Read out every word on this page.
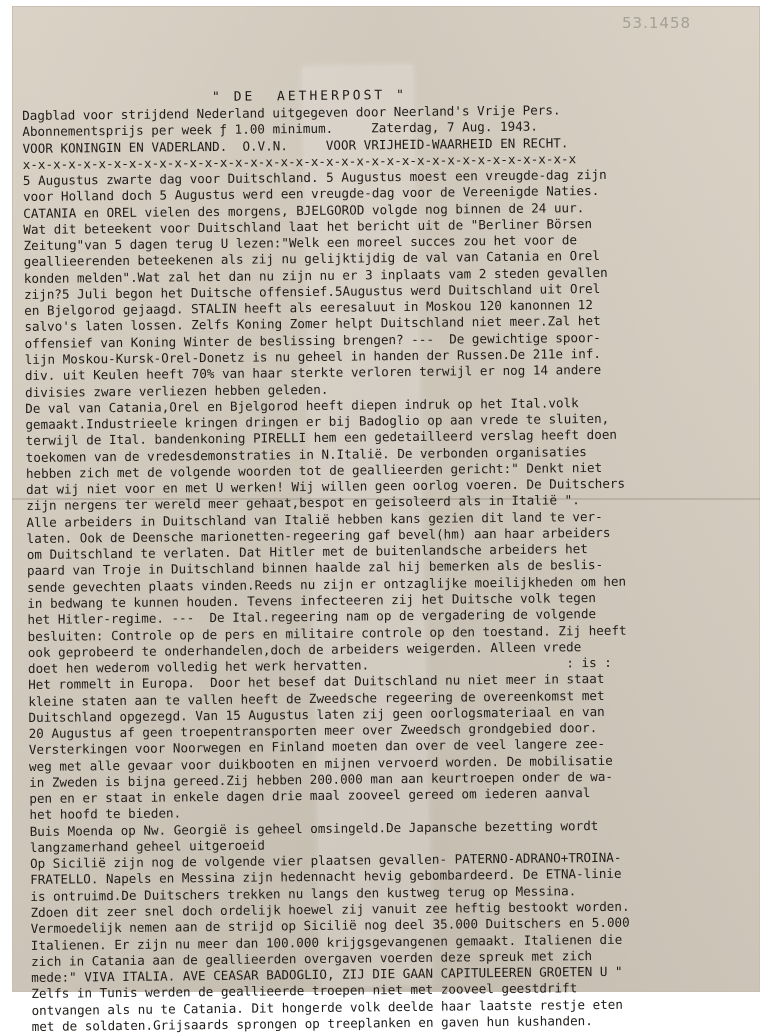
53.1458
" DE  AETHERPOST "
Dagblad voor strijdend Nederland uitgegeven door Neerland's Vrije Pers.
Abonnementsprijs per week ƒ 1.00 minimum.     Zaterdag, 7 Aug. 1943.
VOOR KONINGIN EN VADERLAND.  O.V.N.     VOOR VRIJHEID-WAARHEID EN RECHT.
x-x-x-x-x-x-x-x-x-x-x-x-x-x-x-x-x-x-x-x-x-x-x-x-x-x-x-x-x-x-x-x-x-x-x-x-x
5 Augustus zwarte dag voor Duitschland. 5 Augustus moest een vreugde-dag zijn
voor Holland doch 5 Augustus werd een vreugde-dag voor de Vereenigde Naties.
CATANIA en OREL vielen des morgens, BJELGOROD volgde nog binnen de 24 uur.
Wat dit beteekent voor Duitschland laat het bericht uit de "Berliner Börsen
Zeitung"van 5 dagen terug U lezen:"Welk een moreel succes zou het voor de
geallieerenden beteekenen als zij nu gelijktijdig de val van Catania en Orel
konden melden".Wat zal het dan nu zijn nu er 3 inplaats vam 2 steden gevallen
zijn?5 Juli begon het Duitsche offensief.5Augustus werd Duitschland uit Orel
en Bjelgorod gejaagd. STALIN heeft als eeresaluut in Moskou 120 kanonnen 12
salvo's laten lossen. Zelfs Koning Zomer helpt Duitschland niet meer.Zal het
offensief van Koning Winter de beslissing brengen? ---  De gewichtige spoor-
lijn Moskou-Kursk-Orel-Donetz is nu geheel in handen der Russen.De 211e inf.
div. uit Keulen heeft 70% van haar sterkte verloren terwijl er nog 14 andere
divisies zware verliezen hebben geleden.
De val van Catania,Orel en Bjelgorod heeft diepen indruk op het Ital.volk
gemaakt.Industrieele kringen dringen er bij Badoglio op aan vrede te sluiten,
terwijl de Ital. bandenkoning PIRELLI hem een gedetailleerd verslag heeft doen
toekomen van de vredesdemonstraties in N.Italië. De verbonden organisaties
hebben zich met de volgende woorden tot de geallieerden gericht:" Denkt niet
dat wij niet voor en met U werken! Wij willen geen oorlog voeren. De Duitschers
zijn nergens ter wereld meer gehaat,bespot en geisoleerd als in Italië ".
Alle arbeiders in Duitschland van Italië hebben kans gezien dit land te ver-
laten. Ook de Deensche marionetten-regeering gaf bevel(hm) aan haar arbeiders
om Duitschland te verlaten. Dat Hitler met de buitenlandsche arbeiders het
paard van Troje in Duitschland binnen haalde zal hij bemerken als de beslis-
sende gevechten plaats vinden.Reeds nu zijn er ontzaglijke moeilijkheden om hen
in bedwang te kunnen houden. Tevens infecteeren zij het Duitsche volk tegen
het Hitler-regime. ---  De Ital.regeering nam op de vergadering de volgende
besluiten: Controle op de pers en militaire controle op den toestand. Zij heeft
ook geprobeerd te onderhandelen,doch de arbeiders weigerden. Alleen vrede
doet hen wederom volledig het werk hervatten.                          : is :
Het rommelt in Europa.  Door het besef dat Duitschland nu niet meer in staat
kleine staten aan te vallen heeft de Zweedsche regeering de overeenkomst met
Duitschland opgezegd. Van 15 Augustus laten zij geen oorlogsmateriaal en van
20 Augustus af geen troepentransporten meer over Zweedsch grondgebied door.
Versterkingen voor Noorwegen en Finland moeten dan over de veel langere zee-
weg met alle gevaar voor duikbooten en mijnen vervoerd worden. De mobilisatie
in Zweden is bijna gereed.Zij hebben 200.000 man aan keurtroepen onder de wa-
pen en er staat in enkele dagen drie maal zooveel gereed om iederen aanval
het hoofd te bieden.
Buis Moenda op Nw. Georgië is geheel omsingeld.De Japansche bezetting wordt
langzamerhand geheel uitgeroeid
Op Sicilië zijn nog de volgende vier plaatsen gevallen- PATERNO-ADRANO+TROINA-
FRATELLO. Napels en Messina zijn hedennacht hevig gebombardeerd. De ETNA-linie
is ontruimd.De Duitschers trekken nu langs den kustweg terug op Messina.
Zdoen dit zeer snel doch ordelijk hoewel zij vanuit zee heftig bestookt worden.
Vermoedelijk nemen aan de strijd op Sicilië nog deel 35.000 Duitschers en 5.000
Italienen. Er zijn nu meer dan 100.000 krijgsgevangenen gemaakt. Italienen die
zich in Catania aan de geallieerden overgaven voerden deze spreuk met zich
mede:" VIVA ITALIA. AVE CEASAR BADOGLIO, ZIJ DIE GAAN CAPITULEEREN GROETEN U "
Zelfs in Tunis werden de geallieerde troepen niet met zooveel geestdrift
ontvangen als nu te Catania. Dit hongerde volk deelde haar laatste restje eten
met de soldaten.Grijsaards sprongen op treeplanken en gaven hun kushanden.
